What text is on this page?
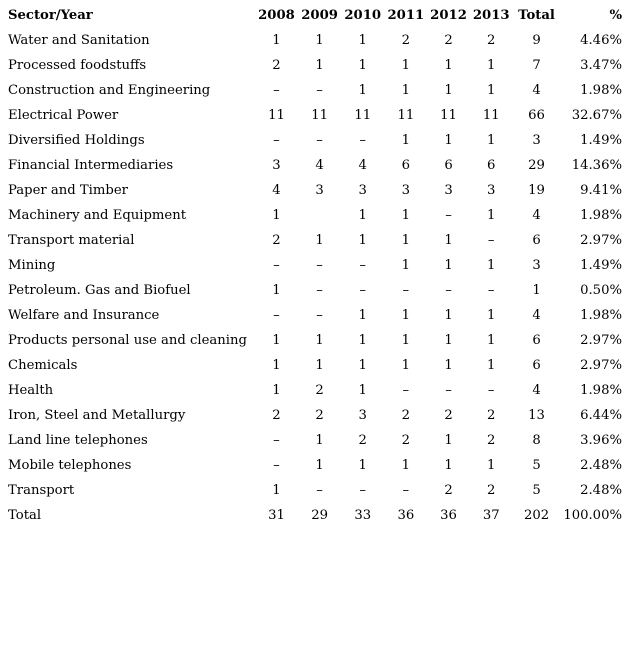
Sector/Year	2008	2009	2010	2011	2012	2013	Total	%
Water and Sanitation	1	1	1	2	2	2	9	4.46%
Processed foodstuffs	2	1	1	1	1	1	7	3.47%
Construction and Engineering	–	–	1	1	1	1	4	1.98%
Electrical Power	11	11	11	11	11	11	66	32.67%
Diversified Holdings	–	–	–	1	1	1	3	1.49%
Financial Intermediaries	3	4	4	6	6	6	29	14.36%
Paper and Timber	4	3	3	3	3	3	19	9.41%
Machinery and Equipment	1		1	1	–	1	4	1.98%
Transport material	2	1	1	1	1	–	6	2.97%
Mining	–	–	–	1	1	1	3	1.49%
Petroleum. Gas and Biofuel	1	–	–	–	–	–	1	0.50%
Welfare and Insurance	–	–	1	1	1	1	4	1.98%
Products personal use and cleaning	1	1	1	1	1	1	6	2.97%
Chemicals	1	1	1	1	1	1	6	2.97%
Health	1	2	1	–	–	–	4	1.98%
Iron, Steel and Metallurgy	2	2	3	2	2	2	13	6.44%
Land line telephones	–	1	2	2	1	2	8	3.96%
Mobile telephones	–	1	1	1	1	1	5	2.48%
Transport	1	–	–	–	2	2	5	2.48%
Total	31	29	33	36	36	37	202	100.00%
